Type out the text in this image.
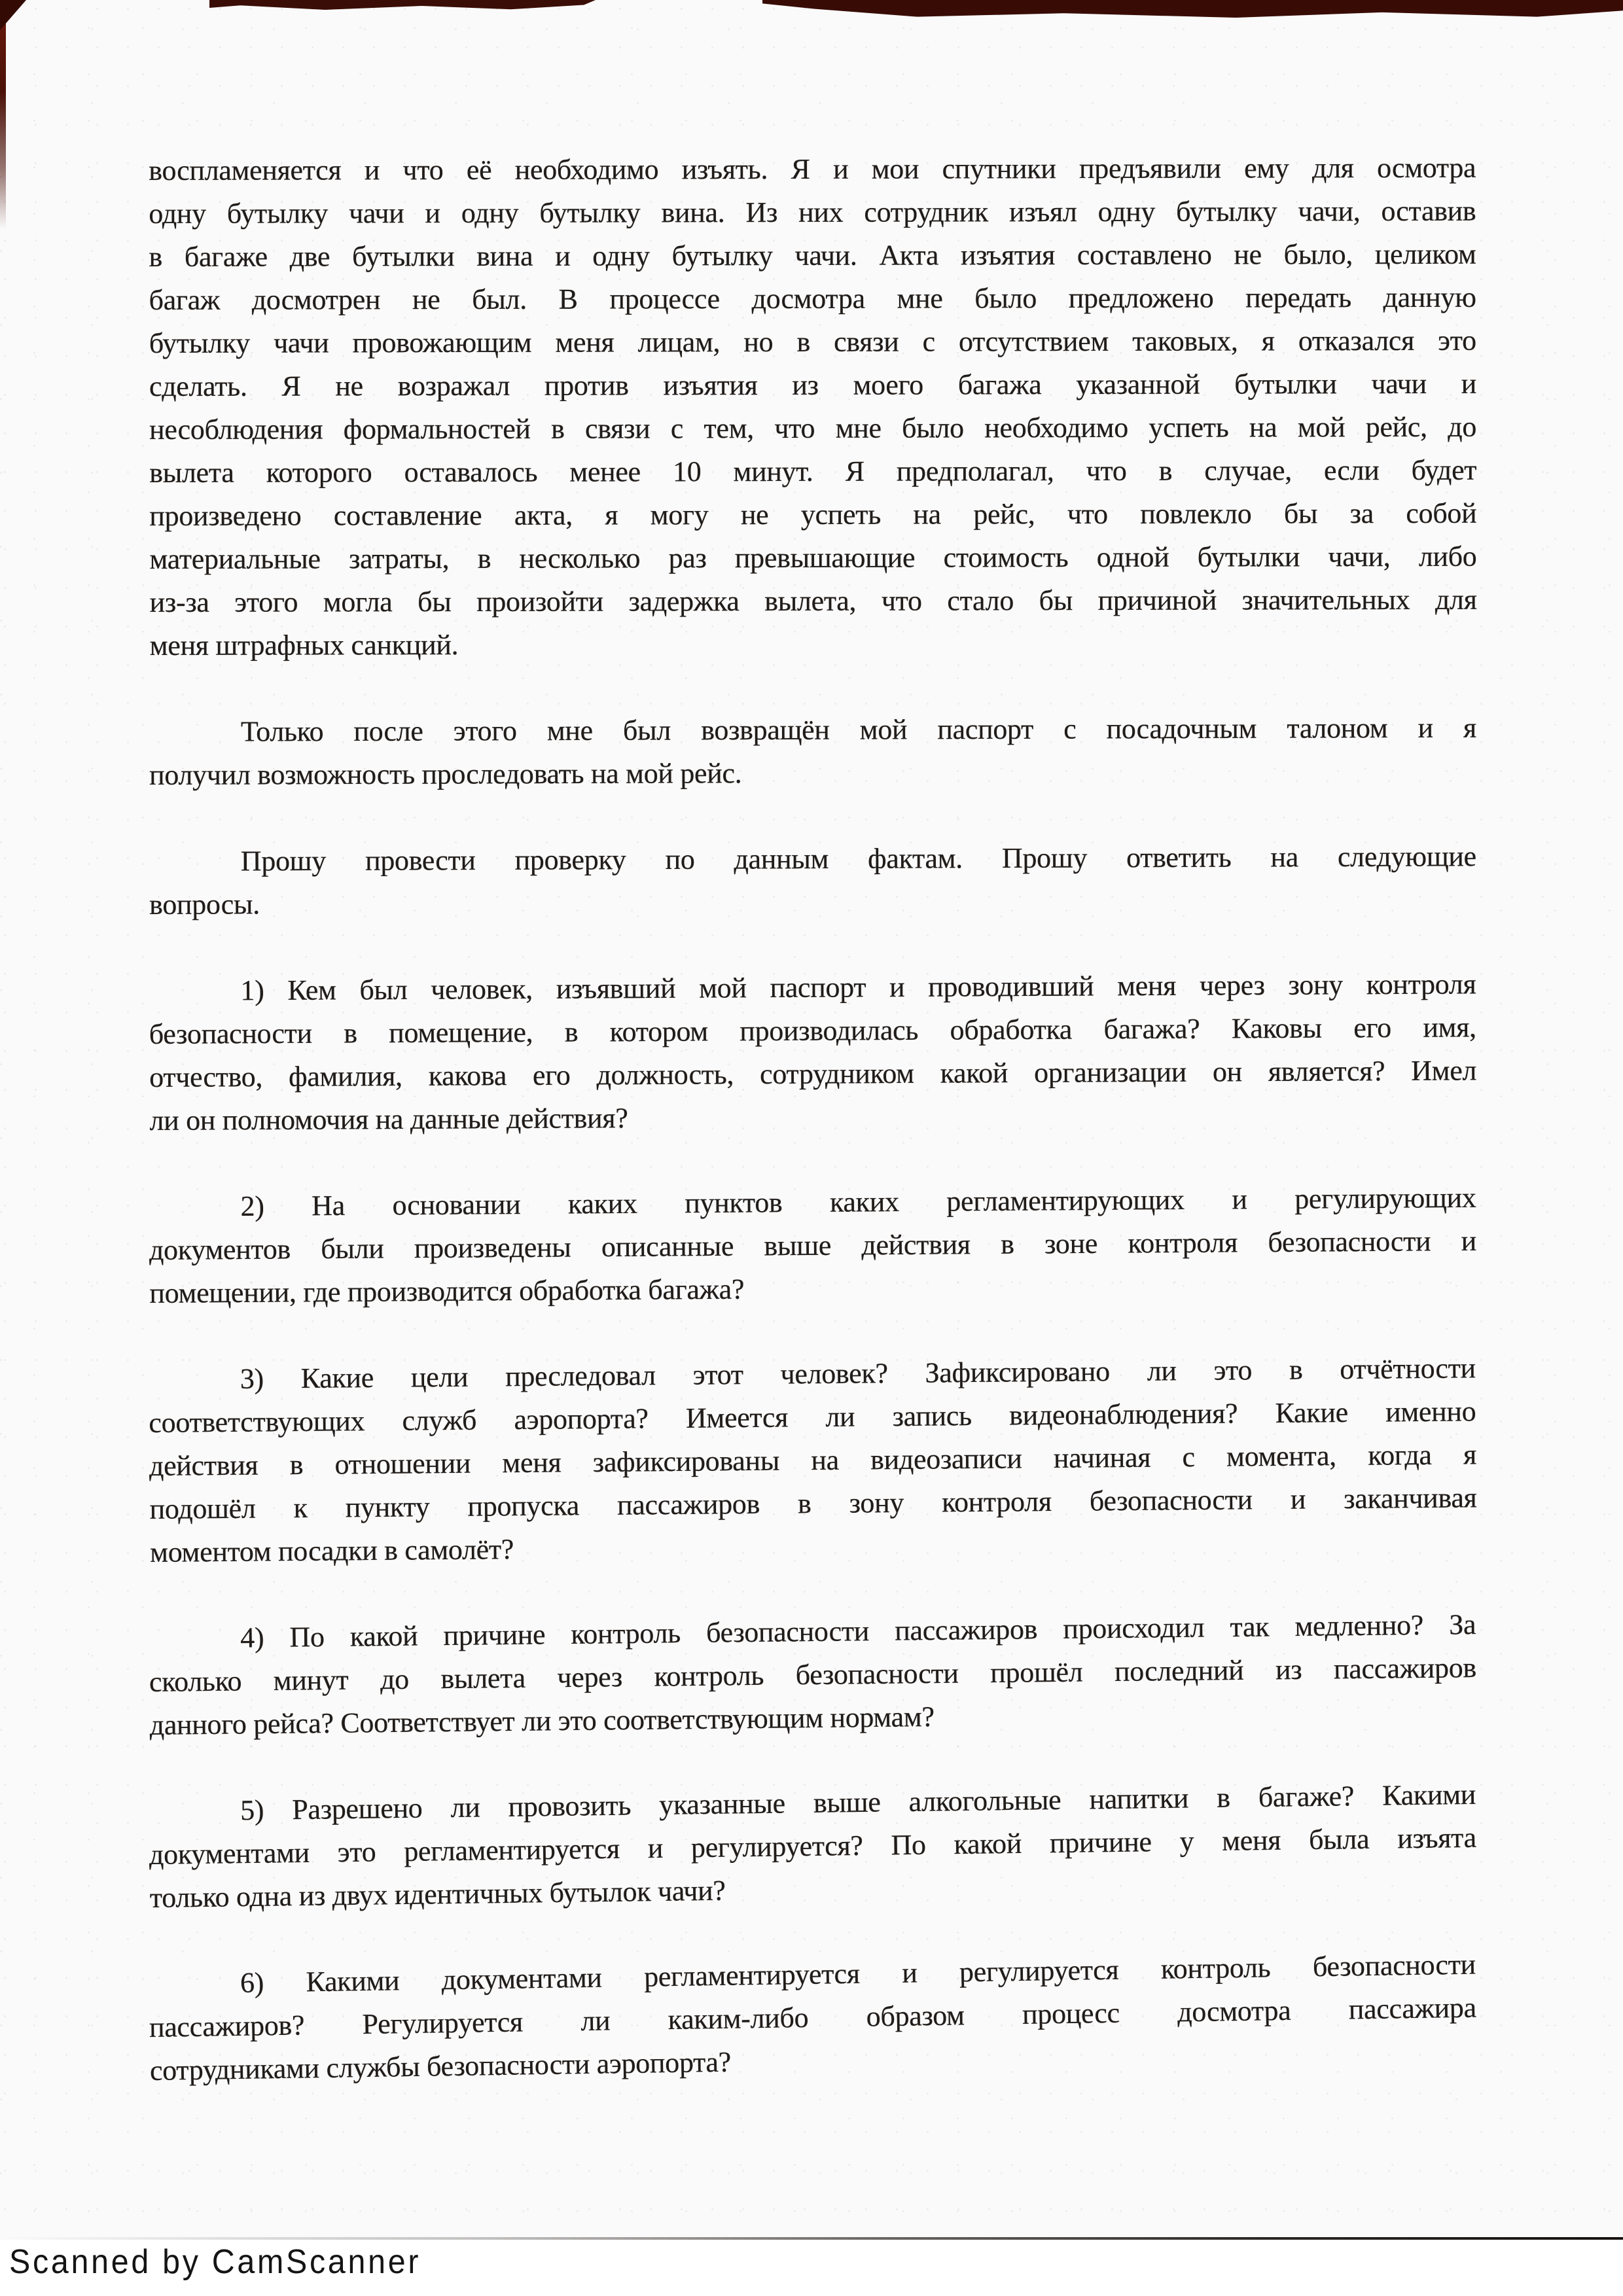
воспламеняется и что её необходимо изъять. Я и мои спутники предъявили ему для осмотра
одну бутылку чачи и одну бутылку вина. Из них сотрудник изъял одну бутылку чачи, оставив
в багаже две бутылки вина и одну бутылку чачи. Акта изъятия составлено не было, целиком
багаж досмотрен не был. В процессе досмотра мне было предложено передать данную
бутылку чачи провожающим меня лицам, но в связи с отсутствием таковых, я отказался это
сделать. Я не возражал против изъятия из моего багажа указанной бутылки чачи и
несоблюдения формальностей в связи с тем, что мне было необходимо успеть на мой рейс, до
вылета которого оставалось менее 10 минут. Я предполагал, что в случае, если будет
произведено составление акта, я могу не успеть на рейс, что повлекло бы за собой
материальные затраты, в несколько раз превышающие стоимость одной бутылки чачи, либо
из-за этого могла бы произойти задержка вылета, что стало бы причиной значительных для
меня штрафных санкций.
Только после этого мне был возвращён мой паспорт с посадочным талоном и я
получил возможность проследовать на мой рейс.
Прошу провести проверку по данным фактам. Прошу ответить на следующие
вопросы.
1) Кем был человек, изъявший мой паспорт и проводивший меня через зону контроля
безопасности в помещение, в котором производилась обработка багажа? Каковы его имя,
отчество, фамилия, какова его должность, сотрудником какой организации он является? Имел
ли он полномочия на данные действия?
2) На основании каких пунктов каких регламентирующих и регулирующих
документов были произведены описанные выше действия в зоне контроля безопасности и
помещении, где производится обработка багажа?
3) Какие цели преследовал этот человек? Зафиксировано ли это в отчётности
соответствующих служб аэропорта? Имеется ли запись видеонаблюдения? Какие именно
действия в отношении меня зафиксированы на видеозаписи начиная с момента, когда я
подошёл к пункту пропуска пассажиров в зону контроля безопасности и заканчивая
моментом посадки в самолёт?
4) По какой причине контроль безопасности пассажиров происходил так медленно? За
сколько минут до вылета через контроль безопасности прошёл последний из пассажиров
данного рейса? Соответствует ли это соответствующим нормам?
5) Разрешено ли провозить указанные выше алкогольные напитки в багаже? Какими
документами это регламентируется и регулируется? По какой причине у меня была изъята
только одна из двух идентичных бутылок чачи?
6) Какими документами регламентируется и регулируется контроль безопасности
пассажиров? Регулируется ли каким-либо образом процесс досмотра пассажира
сотрудниками службы безопасности аэропорта?
Scanned by CamScanner
